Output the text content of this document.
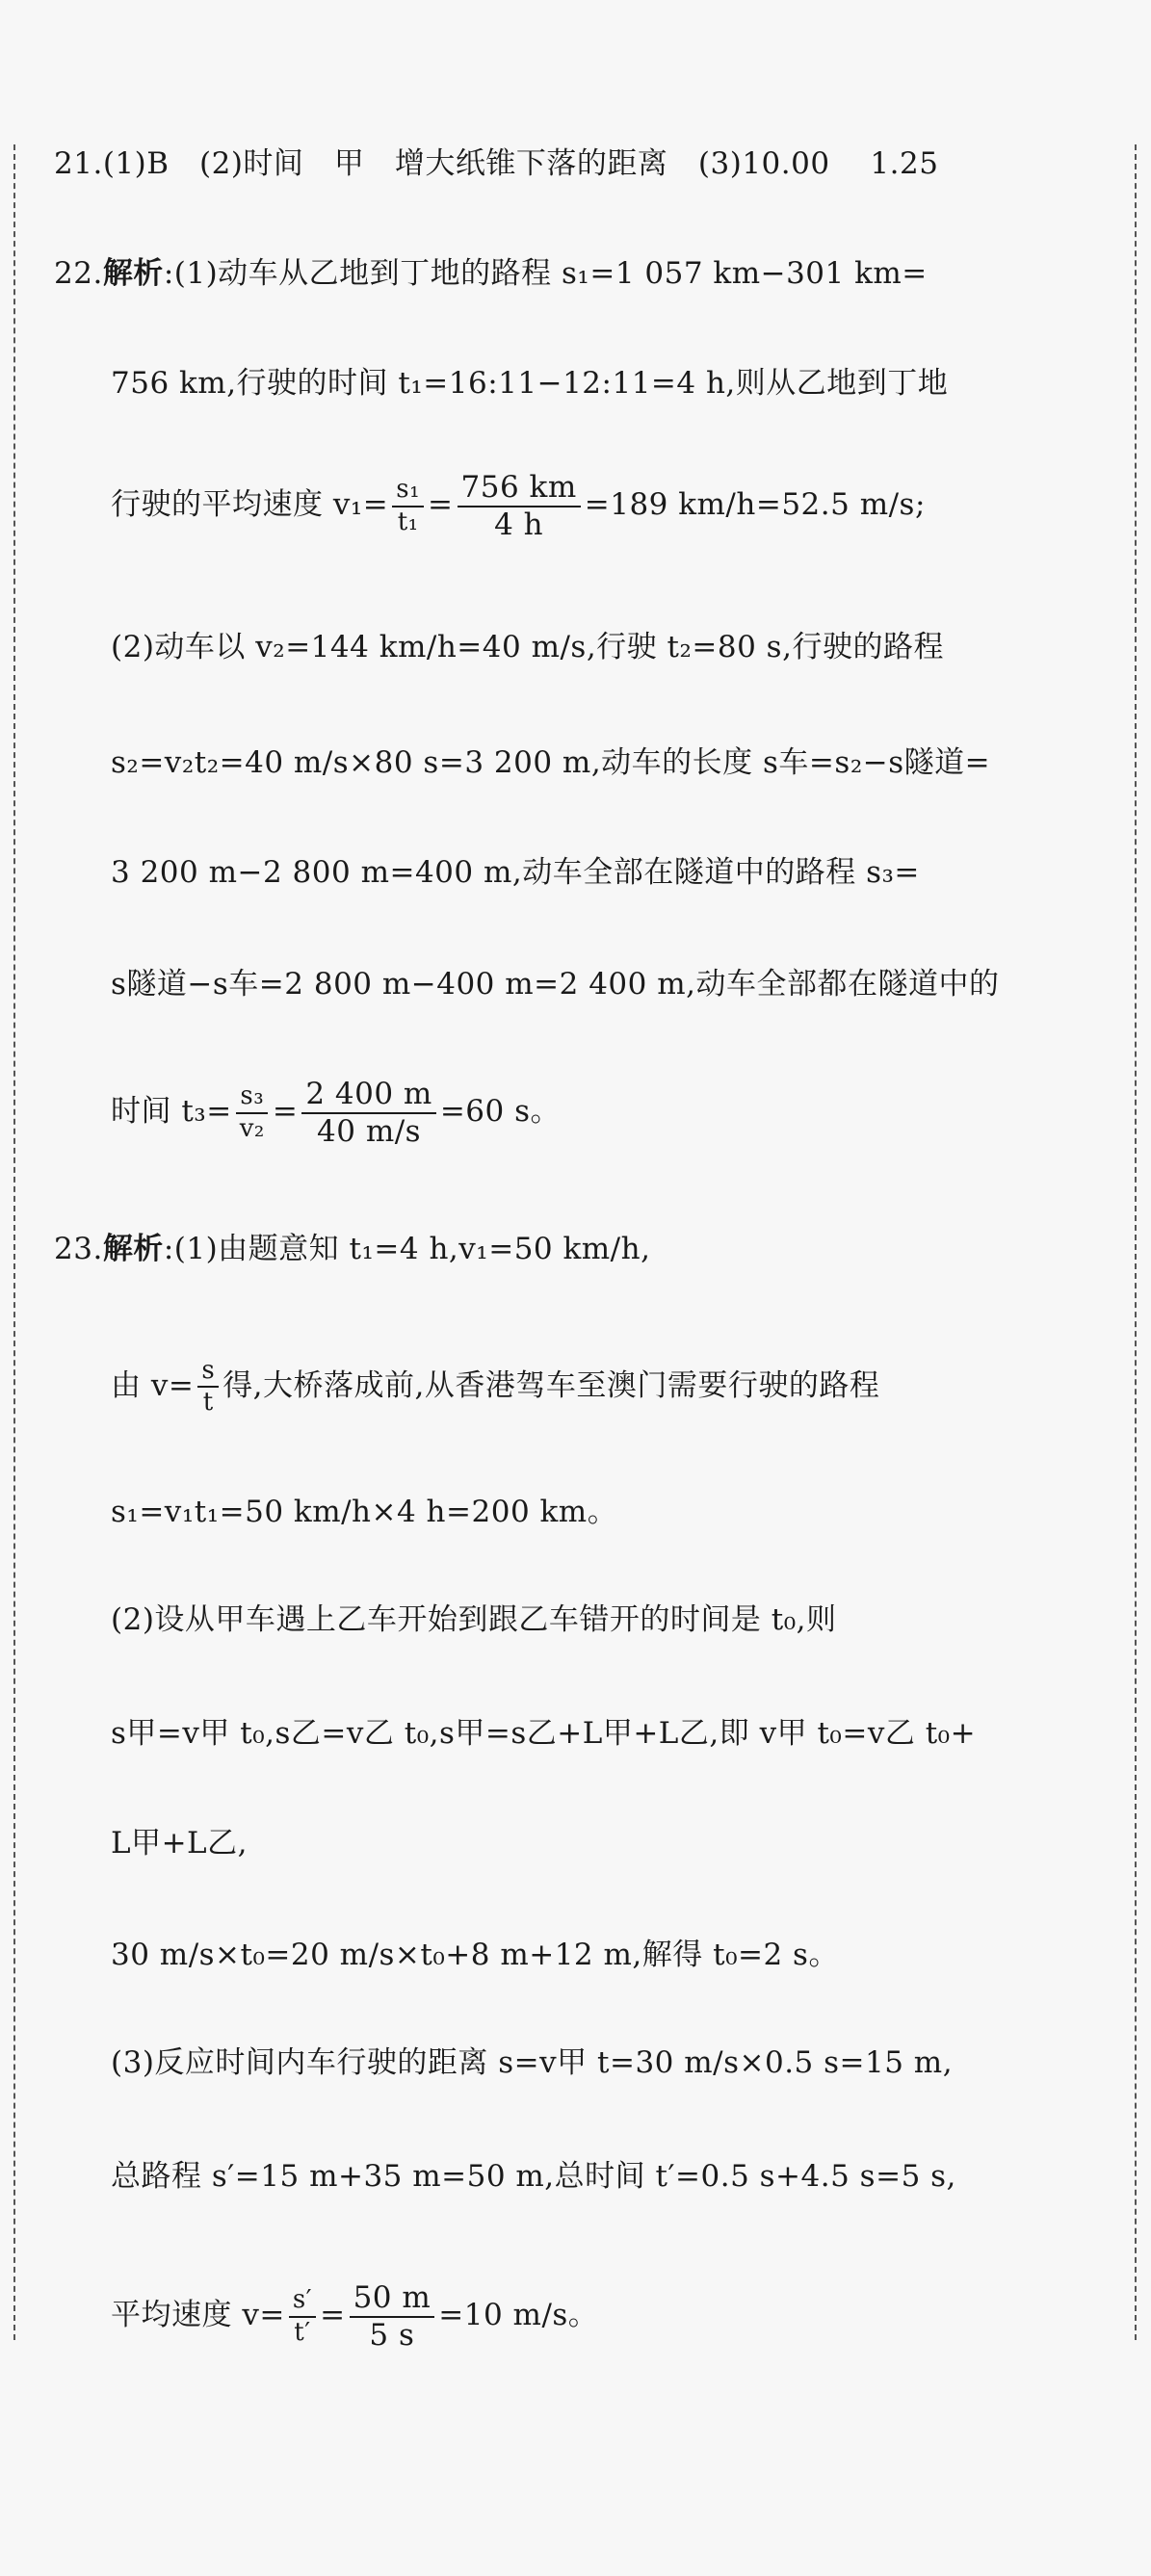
21.(1)B　(2)时间　甲　增大纸锥下落的距离　(3)10.00　 1.25
22.解析:(1)动车从乙地到丁地的路程 s₁=1 057 km−301 km=
756 km,行驶的时间 t₁=16:11−12:11=4 h,则从乙地到丁地
行驶的平均速度 $v_1= \frac{\text{s₁}}{\text{t₁}} = \frac{756 km}{4 h} =189$ km/h=52.5 m/s;
(2)动车以 v₂=144 km/h=40 m/s,行驶 t₂=80 s,行驶的路程
s₂=v₂t₂=40 m/s×80 s=3 200 m,动车的长度 s车=s₂−s隧道=
3 200 m−2 800 m=400 m,动车全部在隧道中的路程 s₃=
s隧道−s车=2 800 m−400 m=2 400 m,动车全部都在隧道中的
时间 $t_3= \frac{\text{s₃}}{\text{v₂}} = \frac{2 400 m}{40 m/s} =60$ s。
23.解析:(1)由题意知 t₁=4 h,v₁=50 km/h,
由 $v= \frac{s}{t}$ 得,大桥落成前,从香港驾车至澳门需要行驶的路程
s₁=v₁t₁=50 km/h×4 h=200 km。
(2)设从甲车遇上乙车开始到跟乙车错开的时间是 t₀,则
s甲=v甲 t₀,s乙=v乙 t₀,s甲=s乙+L甲+L乙,即 v甲 t₀=v乙 t₀+
L甲+L乙,
30 m/s×t₀=20 m/s×t₀+8 m+12 m,解得 t₀=2 s。
(3)反应时间内车行驶的距离 s=v甲 t=30 m/s×0.5 s=15 m,
总路程 s′=15 m+35 m=50 m,总时间 t′=0.5 s+4.5 s=5 s,
平均速度 $v= \frac{s'}{t'} = \frac{50 m}{5 s} =10$ m/s。
